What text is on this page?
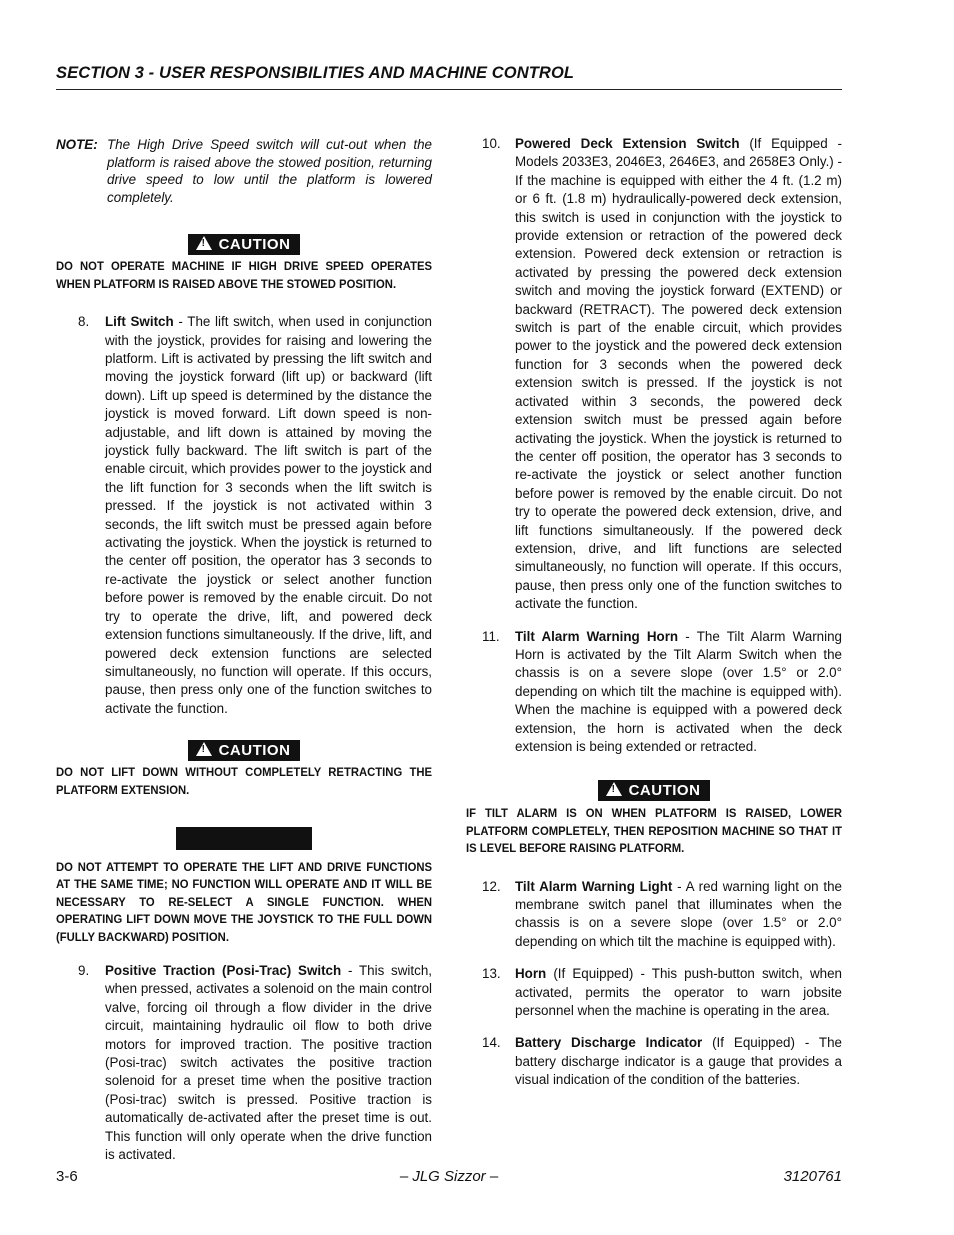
SECTION 3 - USER RESPONSIBILITIES AND MACHINE CONTROL
NOTE: The High Drive Speed switch will cut-out when the platform is raised above the stowed position, returning drive speed to low until the platform is lowered completely.
!CAUTION
DO NOT OPERATE MACHINE IF HIGH DRIVE SPEED OPERATES WHEN PLATFORM IS RAISED ABOVE THE STOWED POSITION.
8.	Lift Switch - The lift switch, when used in conjunction with the joystick, provides for raising and lowering the platform. Lift is activated by pressing the lift switch and moving the joystick forward (lift up) or backward (lift down). Lift up speed is determined by the distance the joystick is moved forward. Lift down speed is non-adjustable, and lift down is attained by moving the joystick fully backward. The lift switch is part of the enable circuit, which provides power to the joystick and the lift function for 3 seconds when the lift switch is pressed. If the joystick is not activated within 3 seconds, the lift switch must be pressed again before activating the joystick. When the joystick is returned to the center off position, the operator has 3 seconds to re-activate the joystick or select another function before power is removed by the enable circuit. Do not try to operate the drive, lift, and powered deck extension functions simultaneously. If the drive, lift, and powered deck extension functions are selected simultaneously, no function will operate. If this occurs, pause, then press only one of the function switches to activate the function.
!CAUTION
DO NOT LIFT DOWN WITHOUT COMPLETELY RETRACTING THE PLATFORM EXTENSION.
DO NOT ATTEMPT TO OPERATE THE LIFT AND DRIVE FUNCTIONS AT THE SAME TIME; NO FUNCTION WILL OPERATE AND IT WILL BE NECESSARY TO RE-SELECT A SINGLE FUNCTION. WHEN OPERATING LIFT DOWN MOVE THE JOYSTICK TO THE FULL DOWN (FULLY BACKWARD) POSITION.
9.	Positive Traction (Posi-Trac) Switch - This switch, when pressed, activates a solenoid on the main control valve, forcing oil through a flow divider in the drive circuit, maintaining hydraulic oil flow to both drive motors for improved traction. The positive traction (Posi-trac) switch activates the positive traction solenoid for a preset time when the positive traction (Posi-trac) switch is pressed. Positive traction is automatically de-activated after the preset time is out. This function will only operate when the drive function is activated.
10.	Powered Deck Extension Switch (If Equipped - Models 2033E3, 2046E3, 2646E3, and 2658E3 Only.) - If the machine is equipped with either the 4 ft. (1.2 m) or 6 ft. (1.8 m) hydraulically-powered deck extension, this switch is used in conjunction with the joystick to provide extension or retraction of the powered deck extension. Powered deck extension or retraction is activated by pressing the powered deck extension switch and moving the joystick forward (EXTEND) or backward (RETRACT). The powered deck extension switch is part of the enable circuit, which provides power to the joystick and the powered deck extension function for 3 seconds when the powered deck extension switch is pressed. If the joystick is not activated within 3 seconds, the powered deck extension switch must be pressed again before activating the joystick. When the joystick is returned to the center off position, the operator has 3 seconds to re-activate the joystick or select another function before power is removed by the enable circuit. Do not try to operate the powered deck extension, drive, and lift functions simultaneously. If the powered deck extension, drive, and lift functions are selected simultaneously, no function will operate. If this occurs, pause, then press only one of the function switches to activate the function.
11.	Tilt Alarm Warning Horn - The Tilt Alarm Warning Horn is activated by the Tilt Alarm Switch when the chassis is on a severe slope (over 1.5° or 2.0° depending on which tilt the machine is equipped with). When the machine is equipped with a powered deck extension, the horn is activated when the deck extension is being extended or retracted.
!CAUTION
IF TILT ALARM IS ON WHEN PLATFORM IS RAISED, LOWER PLATFORM COMPLETELY, THEN REPOSITION MACHINE SO THAT IT IS LEVEL BEFORE RAISING PLATFORM.
12.	Tilt Alarm Warning Light - A red warning light on the membrane switch panel that illuminates when the chassis is on a severe slope (over 1.5° or 2.0° depending on which tilt the machine is equipped with).
13.	Horn (If Equipped) - This push-button switch, when activated, permits the operator to warn jobsite personnel when the machine is operating in the area.
14.	Battery Discharge Indicator (If Equipped) - The battery discharge indicator is a gauge that provides a visual indication of the condition of the batteries.
3-6	– JLG Sizzor –	3120761
